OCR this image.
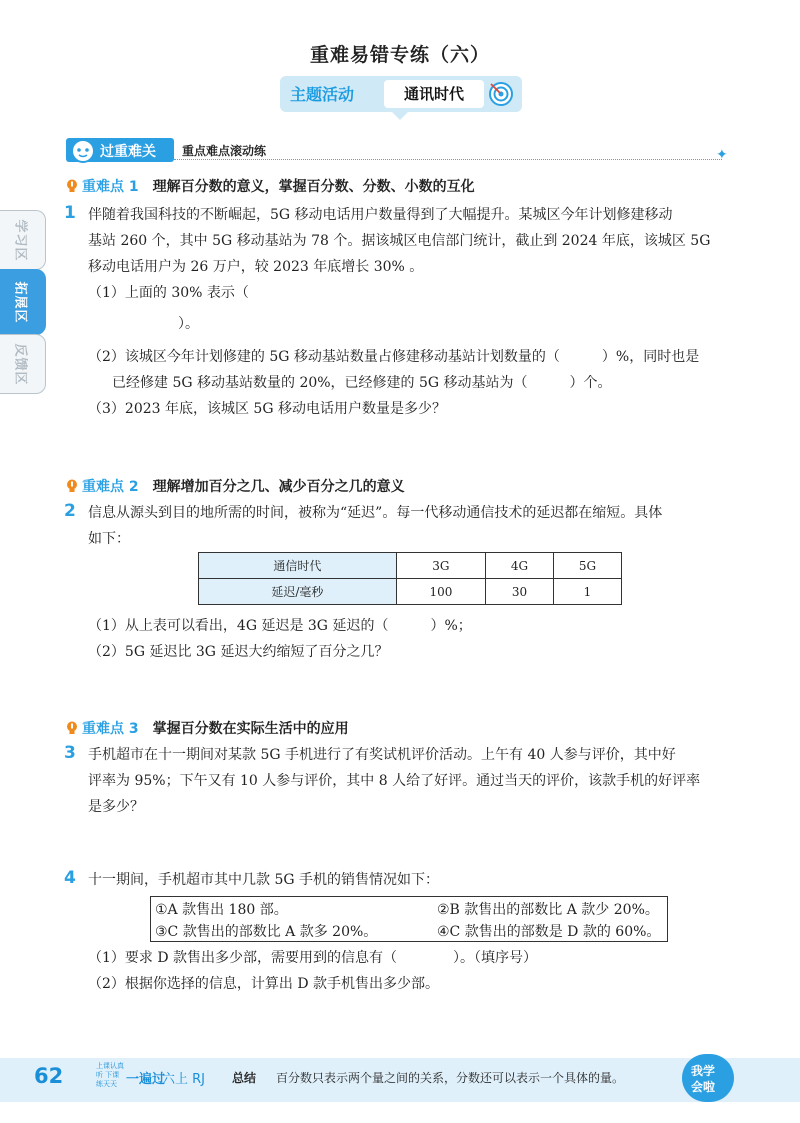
重难易错专练（六）
主题活动	通讯时代
过重难关 重点难点滚动练	✦
学习区
拓展区
反馈区
重难点 1 理解百分数的意义，掌握百分数、分数、小数的互化
1 伴随着我国科技的不断崛起，5G 移动电话用户数量得到了大幅提升。某城区今年计划修建移动
基站 260 个，其中 5G 移动基站为 78 个。据该城区电信部门统计，截止到 2024 年底，该城区 5G
移动电话用户为 26 万户，较 2023 年底增长 30% 。
（1）上面的 30% 表示（
）。
（2）该城区今年计划修建的 5G 移动基站数量占修建移动基站计划数量的（　　　）%，同时也是
已经修建 5G 移动基站数量的 20%，已经修建的 5G 移动基站为（　　　）个。
（3）2023 年底，该城区 5G 移动电话用户数量是多少？
重难点 2 理解增加百分之几、减少百分之几的意义
2 信息从源头到目的地所需的时间，被称为“延迟”。每一代移动通信技术的延迟都在缩短。具体
如下：
通信时代	3G	4G	5G
延迟/毫秒	100	30	1
（1）从上表可以看出，4G 延迟是 3G 延迟的（　　　）%；
（2）5G 延迟比 3G 延迟大约缩短了百分之几？
重难点 3 掌握百分数在实际生活中的应用
3 手机超市在十一期间对某款 5G 手机进行了有奖试机评价活动。上午有 40 人参与评价，其中好
评率为 95%；下午又有 10 人参与评价，其中 8 人给了好评。通过当天的评价，该款手机的好评率
是多少？
4 十一期间，手机超市其中几款 5G 手机的销售情况如下：
①A 款售出 180 部。	②B 款售出的部数比 A 款少 20%。
③C 款售出的部数比 A 款多 20%。	④C 款售出的部数是 D 款的 60%。
（1）要求 D 款售出多少部，需要用到的信息有（　　　　）。（填序号）
（2）根据你选择的信息，计算出 D 款手机售出多少部。
62	上课认真听 下课练天天 一遍过
六上 RJ 总结 百分数只表示两个量之间的关系，分数还可以表示一个具体的量。	我学
会啦
